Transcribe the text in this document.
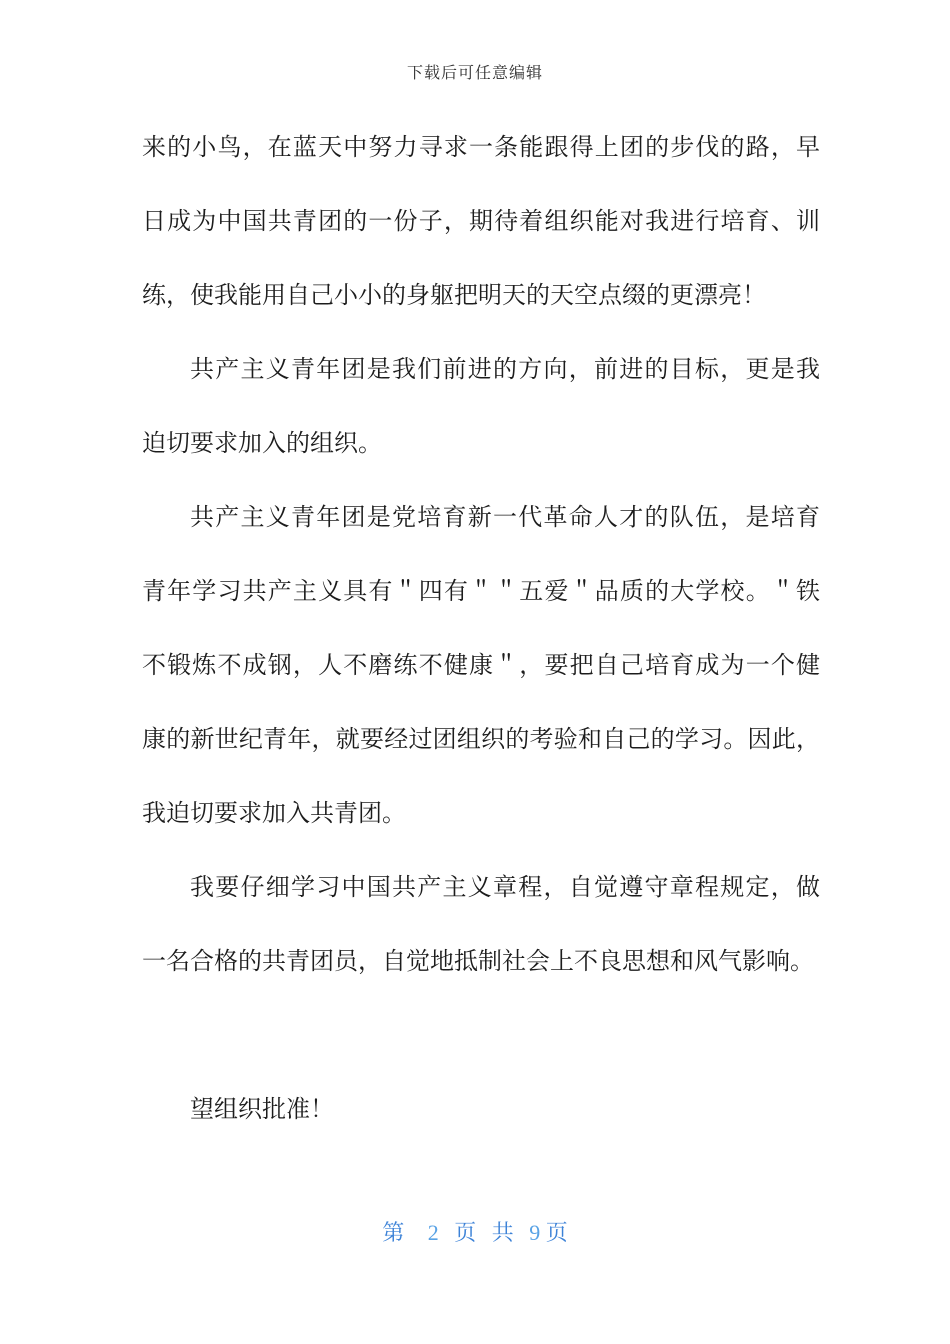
下载后可任意编辑
来的小鸟，在蓝天中努力寻求一条能跟得上团的步伐的路，早
日成为中国共青团的一份子，期待着组织能对我进行培育、训
练，使我能用自己小小的身躯把明天的天空点缀的更漂亮！
共产主义青年团是我们前进的方向，前进的目标，更是我
迫切要求加入的组织。
共产主义青年团是党培育新一代革命人才的队伍，是培育
青年学习共产主义具有＂四有＂＂五爱＂品质的大学校。＂铁
不锻炼不成钢，人不磨练不健康＂，要把自己培育成为一个健
康的新世纪青年，就要经过团组织的考验和自己的学习。因此，
我迫切要求加入共青团。
我要仔细学习中国共产主义章程，自觉遵守章程规定，做
一名合格的共青团员，自觉地抵制社会上不良思想和风气影响。
望组织批准！
第 2 页 共 9 页
